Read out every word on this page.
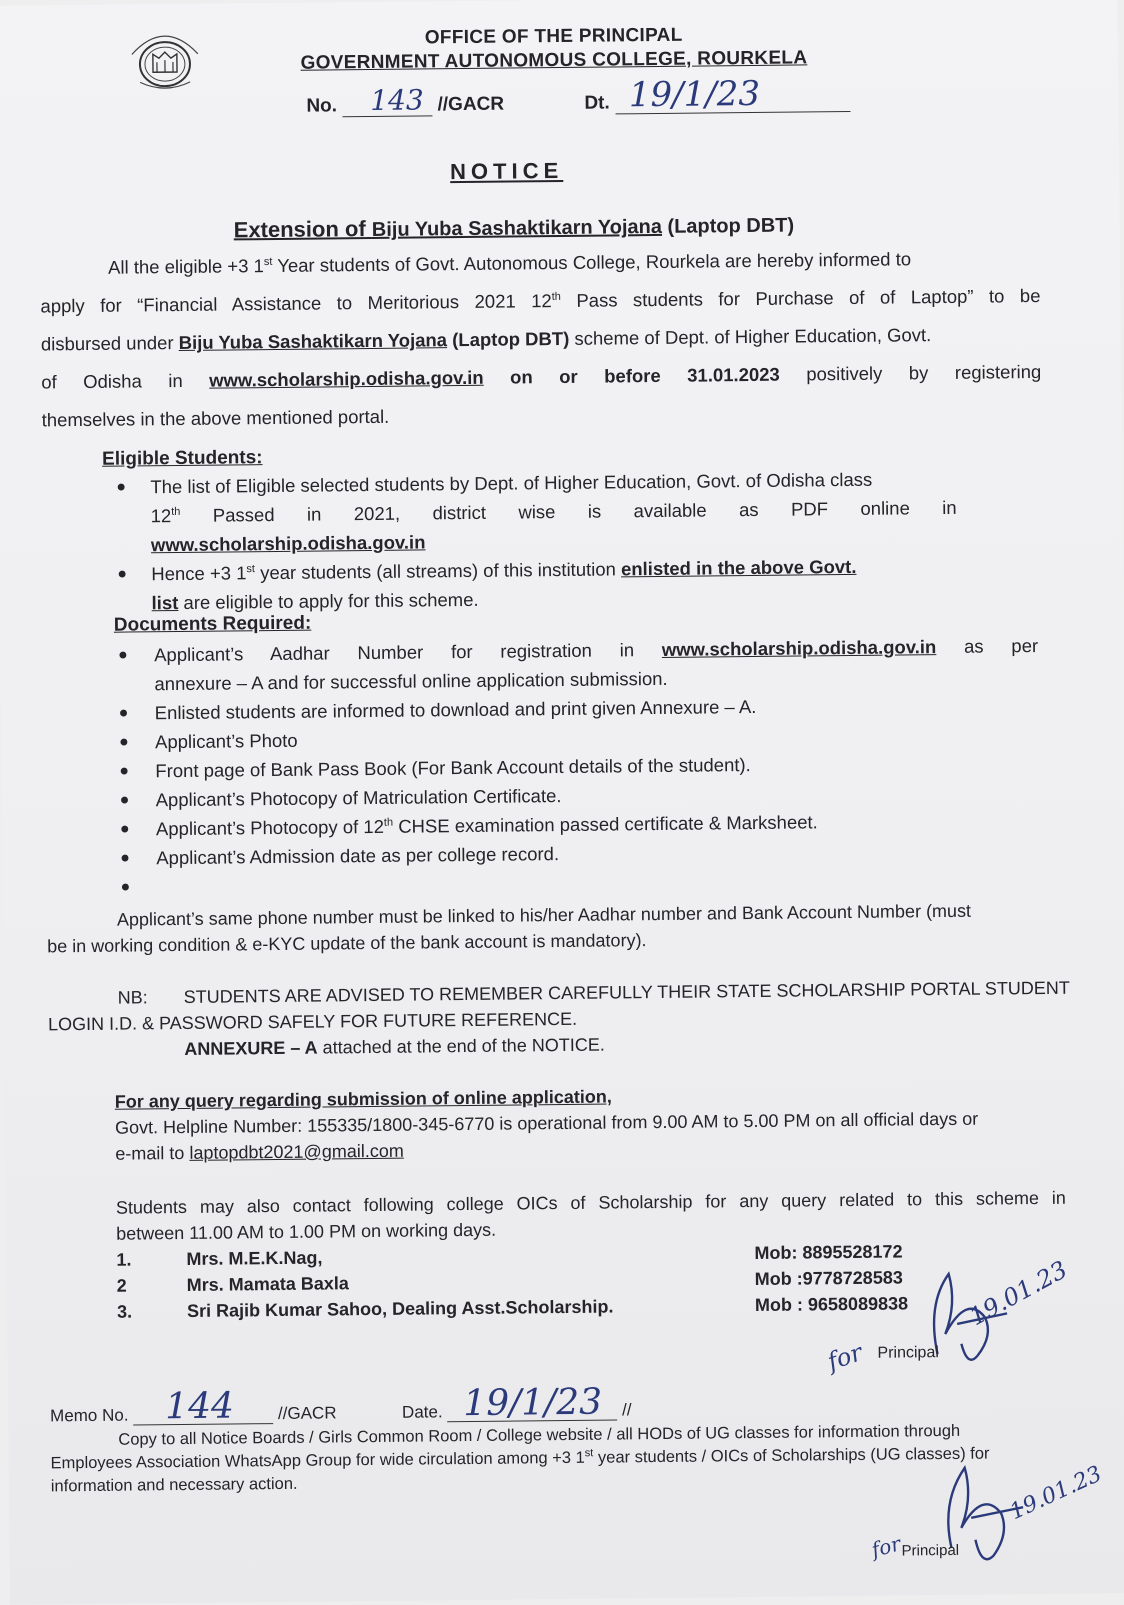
OFFICE OF THE PRINCIPAL
GOVERNMENT AUTONOMOUS COLLEGE, ROURKELA
No. 143 //GACR	Dt. 19/1/23
NOTICE
Extension of Biju Yuba Sashaktikarn Yojana (Laptop DBT)
All the eligible +3 1st Year students of Govt. Autonomous College, Rourkela are hereby informed to
apply for “Financial Assistance to Meritorious 2021 12th Pass students for Purchase of of Laptop” to be
disbursed under Biju Yuba Sashaktikarn Yojana (Laptop DBT) scheme of Dept. of Higher Education, Govt.
of Odisha in www.scholarship.odisha.gov.in on or before 31.01.2023 positively by registering
themselves in the above mentioned portal.
Eligible Students:
● The list of Eligible selected students by Dept. of Higher Education, Govt. of Odisha class
12th Passed in 2021, district wise is available as PDF online in
www.scholarship.odisha.gov.in
● Hence +3 1st year students (all streams) of this institution enlisted in the above Govt.
list are eligible to apply for this scheme.
Documents Required:
● Applicant’s Aadhar Number for registration in www.scholarship.odisha.gov.in as per
annexure – A and for successful online application submission.
● Enlisted students are informed to download and print given Annexure – A.
● Applicant’s Photo
● Front page of Bank Pass Book (For Bank Account details of the student).
● Applicant’s Photocopy of Matriculation Certificate.
● Applicant’s Photocopy of 12th CHSE examination passed certificate & Marksheet.
● Applicant’s Admission date as per college record.
●

Applicant’s same phone number must be linked to his/her Aadhar number and Bank Account Number (must
be in working condition & e-KYC update of the bank account is mandatory).
NB: STUDENTS ARE ADVISED TO REMEMBER CAREFULLY THEIR STATE SCHOLARSHIP PORTAL STUDENT
LOGIN I.D. & PASSWORD SAFELY FOR FUTURE REFERENCE.
ANNEXURE – A attached at the end of the NOTICE.
For any query regarding submission of online application,
Govt. Helpline Number: 155335/1800-345-6770 is operational from 9.00 AM to 5.00 PM on all official days or
e-mail to laptopdbt2021@gmail.com
Students may also contact following college OICs of Scholarship for any query related to this scheme in
between 11.00 AM to 1.00 PM on working days.
1.	Mrs. M.E.K.Nag,	Mob: 8895528172
2	Mrs. Mamata Baxla	Mob :9778728583
3.	Sri Rajib Kumar Sahoo, Dealing Asst.Scholarship.	Mob : 9658089838
for
19.01.23
Principal
Memo No. 144	//GACR	Date. 19/1/23 //
Copy to all Notice Boards / Girls Common Room / College website / all HODs of UG classes for information through
Employees Association WhatsApp Group for wide circulation among +3 1st year students / OICs of Scholarships (UG classes) for
information and necessary action.
for
19.01.23
Principal
